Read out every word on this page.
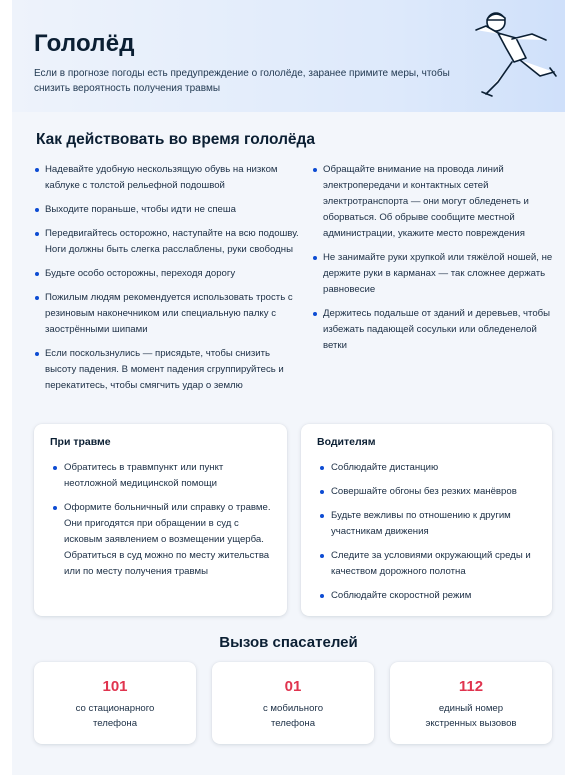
Гололёд

Если в прогнозе погоды есть предупреждение о гололёде, заранее примите меры, чтобы снизить вероятность получения травмы

Как действовать во время гололёда
Надевайте удобную нескользящую обувь на низком каблуке с толстой рельефной подошвой
Выходите пораньше, чтобы идти не спеша
Передвигайтесь осторожно, наступайте на всю подошву. Ноги должны быть слегка расслаблены, руки свободны
Будьте особо осторожны, переходя дорогу
Пожилым людям рекомендуется использовать трость с резиновым наконечником или специальную палку с заострёнными шипами
Если поскользнулись — присядьте, чтобы снизить высоту падения. В момент падения сгруппируйтесь и перекатитесь, чтобы смягчить удар о землю
Обращайте внимание на провода линий электропередачи и контактных сетей электротранспорта — они могут обледенеть и оборваться. Об обрыве сообщите местной администрации, укажите место повреждения
Не занимайте руки хрупкой или тяжёлой ношей, не держите руки в карманах — так сложнее держать равновесие
Держитесь подальше от зданий и деревьев, чтобы избежать падающей сосульки или обледенелой ветки
При травме
Обратитесь в травмпункт или пункт неотложной медицинской помощи
Оформите больничный или справку о травме. Они пригодятся при обращении в суд с исковым заявлением о возмещении ущерба. Обратиться в суд можно по месту жительства или по месту получения травмы
Водителям
Соблюдайте дистанцию
Совершайте обгоны без резких манёвров
Будьте вежливы по отношению к другим участникам движения
Следите за условиями окружающий среды и качеством дорожного полотна
Соблюдайте скоростной режим
Вызов спасателей
101
со стационарного телефона
01
с мобильного телефона
112
единый номер экстренных вызовов
